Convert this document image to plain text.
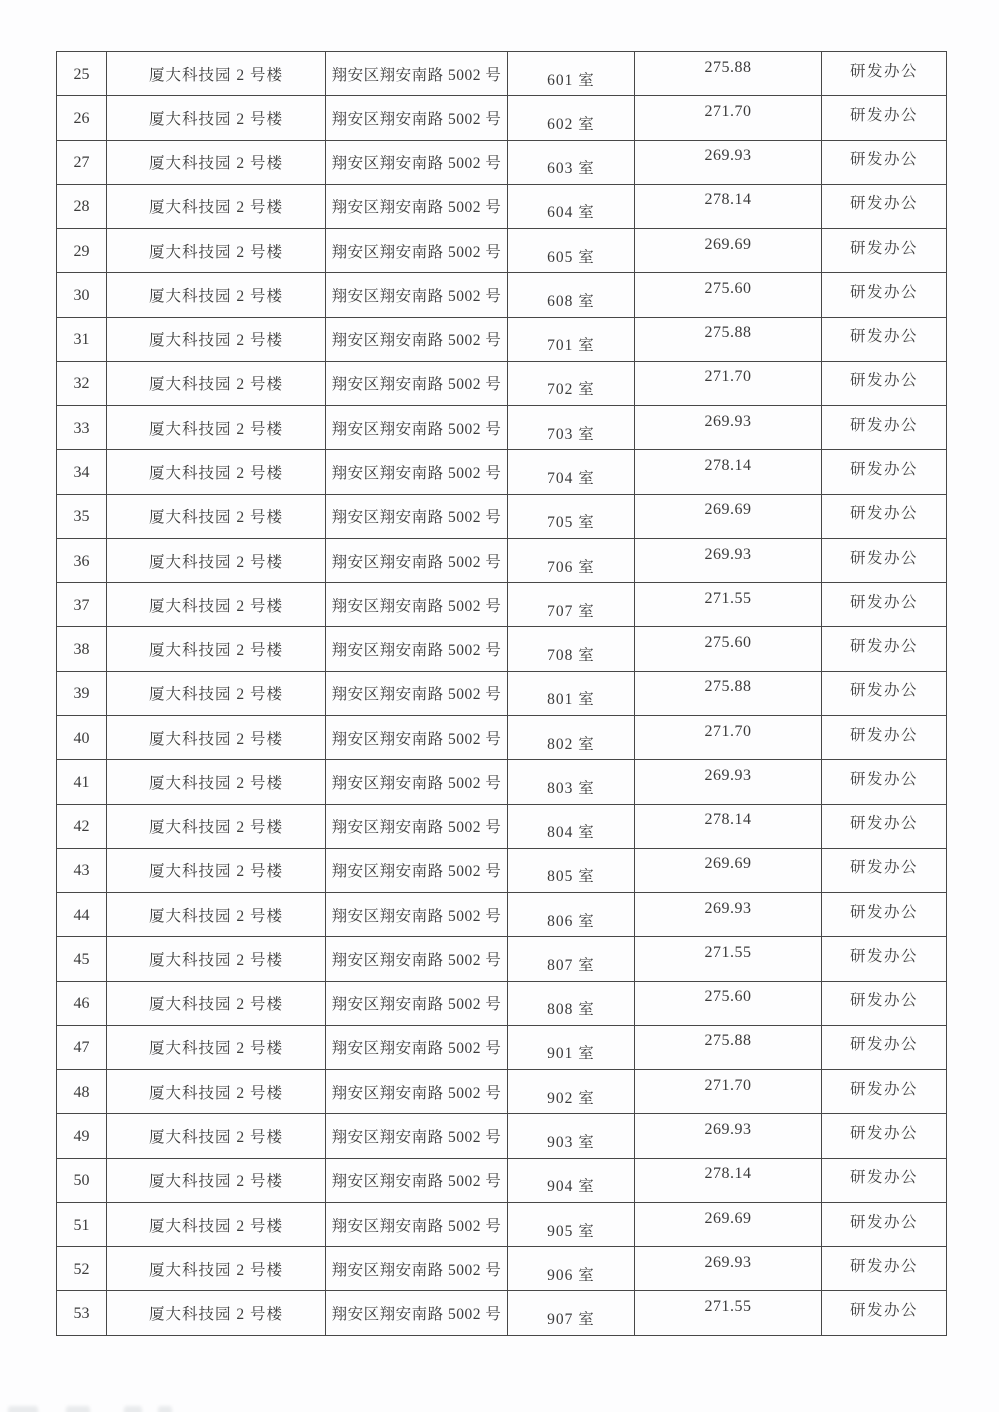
25	厦大科技园 2 号楼	翔安区翔安南路 5002 号	601 室	275.88	研发办公
26	厦大科技园 2 号楼	翔安区翔安南路 5002 号	602 室	271.70	研发办公
27	厦大科技园 2 号楼	翔安区翔安南路 5002 号	603 室	269.93	研发办公
28	厦大科技园 2 号楼	翔安区翔安南路 5002 号	604 室	278.14	研发办公
29	厦大科技园 2 号楼	翔安区翔安南路 5002 号	605 室	269.69	研发办公
30	厦大科技园 2 号楼	翔安区翔安南路 5002 号	608 室	275.60	研发办公
31	厦大科技园 2 号楼	翔安区翔安南路 5002 号	701 室	275.88	研发办公
32	厦大科技园 2 号楼	翔安区翔安南路 5002 号	702 室	271.70	研发办公
33	厦大科技园 2 号楼	翔安区翔安南路 5002 号	703 室	269.93	研发办公
34	厦大科技园 2 号楼	翔安区翔安南路 5002 号	704 室	278.14	研发办公
35	厦大科技园 2 号楼	翔安区翔安南路 5002 号	705 室	269.69	研发办公
36	厦大科技园 2 号楼	翔安区翔安南路 5002 号	706 室	269.93	研发办公
37	厦大科技园 2 号楼	翔安区翔安南路 5002 号	707 室	271.55	研发办公
38	厦大科技园 2 号楼	翔安区翔安南路 5002 号	708 室	275.60	研发办公
39	厦大科技园 2 号楼	翔安区翔安南路 5002 号	801 室	275.88	研发办公
40	厦大科技园 2 号楼	翔安区翔安南路 5002 号	802 室	271.70	研发办公
41	厦大科技园 2 号楼	翔安区翔安南路 5002 号	803 室	269.93	研发办公
42	厦大科技园 2 号楼	翔安区翔安南路 5002 号	804 室	278.14	研发办公
43	厦大科技园 2 号楼	翔安区翔安南路 5002 号	805 室	269.69	研发办公
44	厦大科技园 2 号楼	翔安区翔安南路 5002 号	806 室	269.93	研发办公
45	厦大科技园 2 号楼	翔安区翔安南路 5002 号	807 室	271.55	研发办公
46	厦大科技园 2 号楼	翔安区翔安南路 5002 号	808 室	275.60	研发办公
47	厦大科技园 2 号楼	翔安区翔安南路 5002 号	901 室	275.88	研发办公
48	厦大科技园 2 号楼	翔安区翔安南路 5002 号	902 室	271.70	研发办公
49	厦大科技园 2 号楼	翔安区翔安南路 5002 号	903 室	269.93	研发办公
50	厦大科技园 2 号楼	翔安区翔安南路 5002 号	904 室	278.14	研发办公
51	厦大科技园 2 号楼	翔安区翔安南路 5002 号	905 室	269.69	研发办公
52	厦大科技园 2 号楼	翔安区翔安南路 5002 号	906 室	269.93	研发办公
53	厦大科技园 2 号楼	翔安区翔安南路 5002 号	907 室	271.55	研发办公
